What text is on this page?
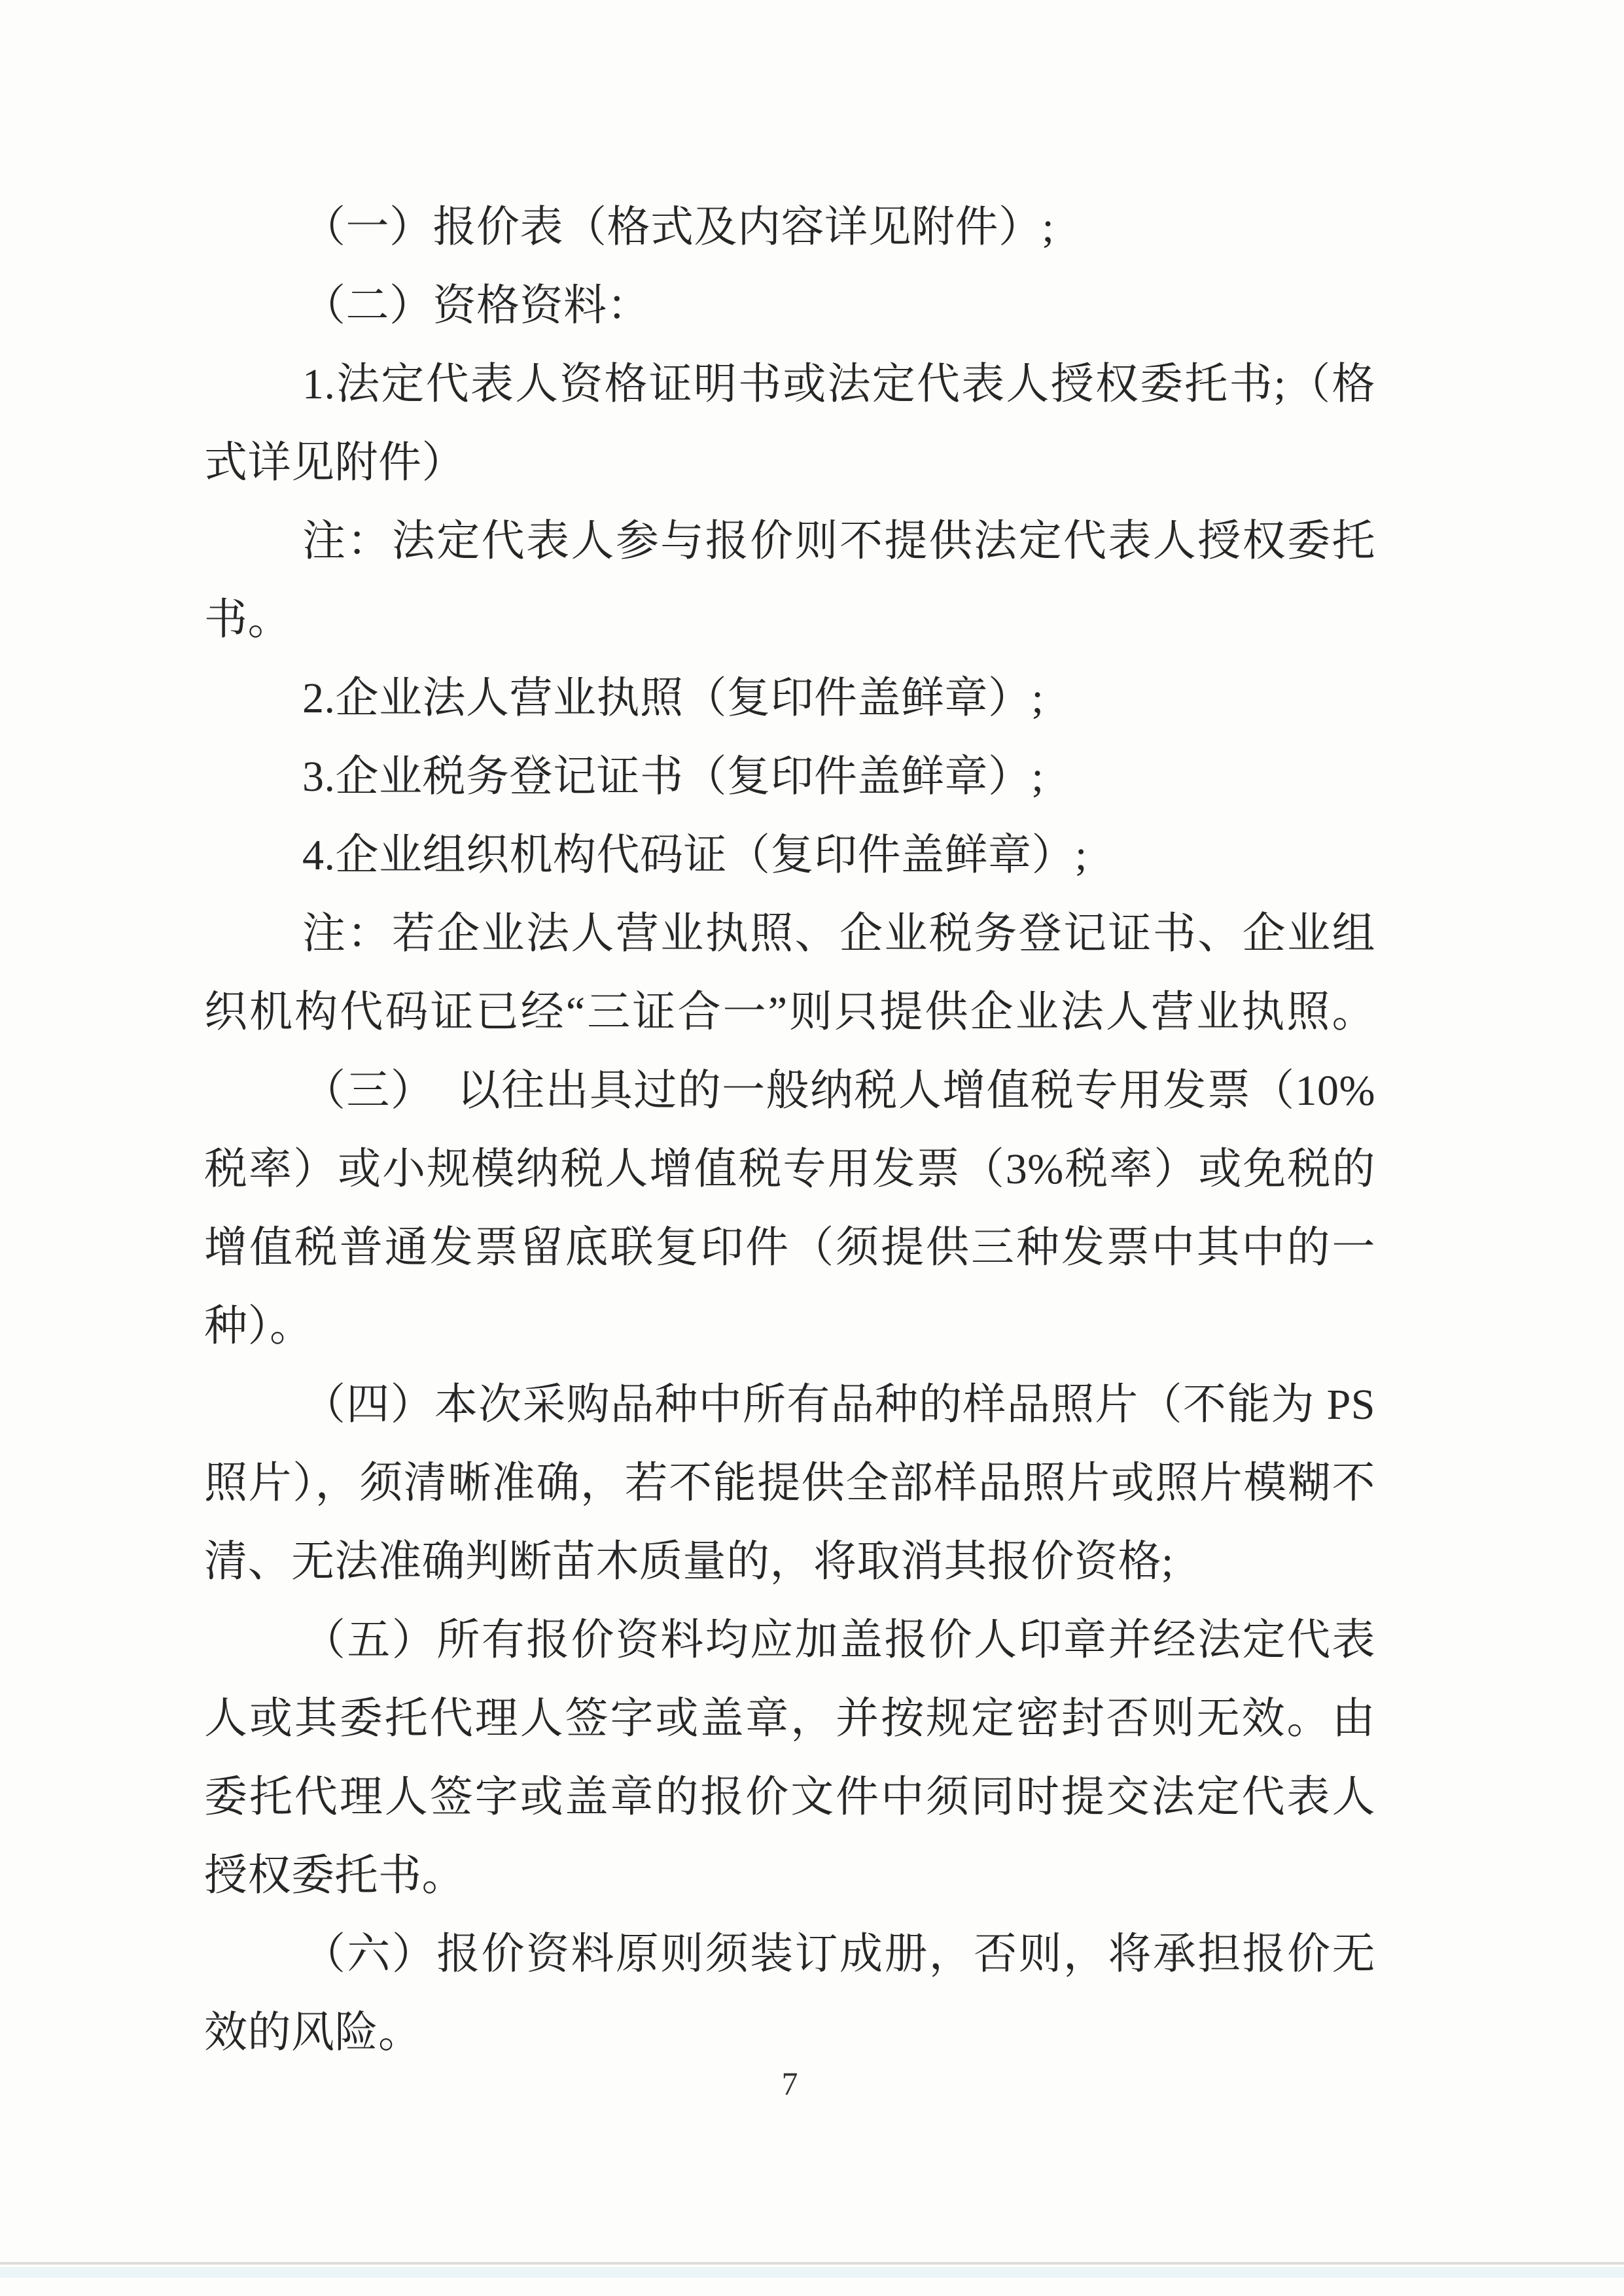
（一）报价表（格式及内容详见附件）;
（二）资格资料：
1.法定代表人资格证明书或法定代表人授权委托书;（格
式详见附件）
注：法定代表人参与报价则不提供法定代表人授权委托
书。
2.企业法人营业执照（复印件盖鲜章）;
3.企业税务登记证书（复印件盖鲜章）;
4.企业组织机构代码证（复印件盖鲜章）;
注：若企业法人营业执照、企业税务登记证书、企业组
织机构代码证已经“三证合一”则只提供企业法人营业执照。
（三）　以往出具过的一般纳税人增值税专用发票（10%
税率）或小规模纳税人增值税专用发票（3%税率）或免税的
增值税普通发票留底联复印件（须提供三种发票中其中的一
种）。
（四）本次采购品种中所有品种的样品照片（不能为 PS
照片），须清晰准确，若不能提供全部样品照片或照片模糊不
清、无法准确判断苗木质量的，将取消其报价资格;
（五）所有报价资料均应加盖报价人印章并经法定代表
人或其委托代理人签字或盖章，并按规定密封否则无效。由
委托代理人签字或盖章的报价文件中须同时提交法定代表人
授权委托书。
（六）报价资料原则须装订成册，否则，将承担报价无
效的风险。
7
